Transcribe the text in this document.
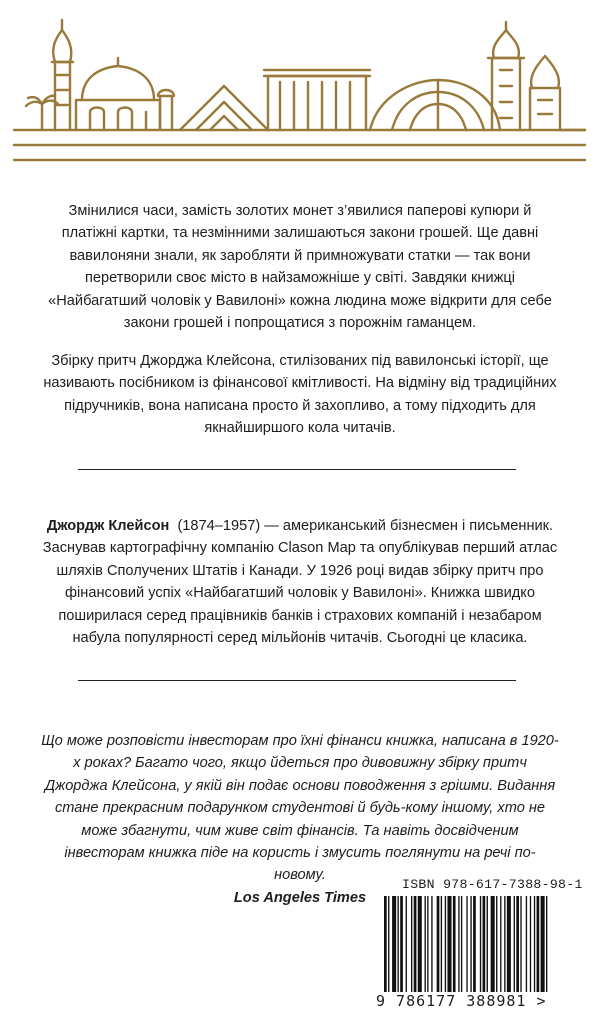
Змінилися часи, замість золотих монет з’явилися паперові купюри й платіжні картки, та незмінними залишаються закони грошей. Ще давні вавилоняни знали, як заробляти й примножувати статки — так вони перетворили своє місто в найзаможніше у світі. Завдяки книжці «Найбагатший чоловік у Вавилоні» кожна людина може відкрити для себе закони грошей і попрощатися з порожнім гаманцем.

Збірку притч Джорджа Клейсона, стилізованих під вавилонські історії, ще називають посібником із фінансової кмітливості. На відміну від традиційних підручників, вона написана просто й захопливо, а тому підходить для якнайширшого кола читачів.

Джордж Клейсон (1874–1957) — американський бізнесмен і письменник. Заснував картографічну компанію Clason Map та опублікував перший атлас шляхів Сполучених Штатів і Канади. У 1926 році видав збірку притч про фінансовий успіх «Найбагатший чоловік у Вавилоні». Книжка швидко поширилася серед працівників банків і страхових компаній і незабаром набула популярності серед мільйонів читачів. Сьогодні це класика.

Що може розповісти інвесторам про їхні фінанси книжка, написана в 1920-х роках? Багато чого, якщо йдеться про дивовижну збірку притч Джорджа Клейсона, у якій він подає основи поводження з грішми. Видання стане прекрасним подарунком студентові й будь-кому іншому, хто не може збагнути, чим живе світ фінансів. Та навіть досвідченим інвесторам книжка піде на користь і змусить поглянути на речі по-новому.

Los Angeles Times
ISBN 978-617-7388-98-1
9 786177 388981 >
